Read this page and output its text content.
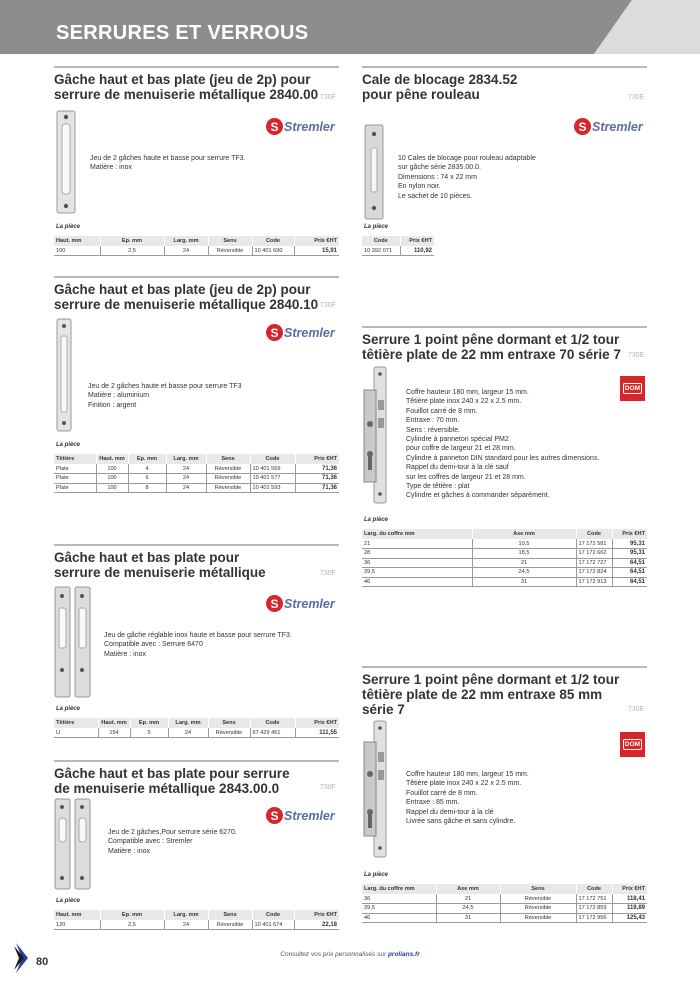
SERRURES ET VERROUS
Gâche haut et bas plate (jeu de 2p) pour
serrure de menuiserie métallique 2840.00 730F
S Stremler
Jeu de 2 gâches haute et basse pour serrure TF3.
Matière : inox
La pièce
Haut. mm	Ep. mm	Larg. mm	Sens	Code	Prix €HT
100	2,5	24	Réversible	10 401 690	15,91
Gâche haut et bas plate (jeu de 2p) pour
serrure de menuiserie métallique 2840.10 730F
S Stremler
Jeu de 2 gâches haute et basse pour serrure TF3
Matière : aluminium
Finition : argent
La pièce
Têtière	Haut. mm	Ep. mm	Larg. mm	Sens	Code	Prix €HT
Plate	100	4	24	Réversible	10 401 569	71,36
Plate	100	6	24	Réversible	10 401 577	71,36
Plate	100	8	24	Réversible	10 401 593	71,36
Gâche haut et bas plate pour
serrure de menuiserie métallique	730F
S Stremler
Jeu de gâche réglable inox haute et basse pour serrure TF3.
Compatible avec : Serrure 6470
Matière : inox
La pièce
Têtière	Haut. mm	Ep. mm	Larg. mm	Sens	Code	Prix €HT
U	154	5	24	Réversible	67 429 451	111,55
Gâche haut et bas plate pour serrure
de menuiserie métallique 2843.00.0	730F
S Stremler
Jeu de 2 gâches,Pour serrure série 6270.
Compatible avec : Stremler
Matière : inox
La pièce
Haut. mm	Ep. mm	Larg. mm	Sens	Code	Prix €HT
120	2,5	24	Réversible	10 401 674	22,18
Cale de blocage 2834.52
pour pêne rouleau	730E
S Stremler
10 Cales de blocage pour rouleau adaptable
sur gâche série 2835.00.0.
Dimensions : 74 x 22 mm
En nylon noir.
Le sachet de 10 pièces.
La pièce
Code	Prix €HT
10 392 071	110,92
Serrure 1 point pêne dormant et 1/2 tour
têtière plate de 22 mm entraxe 70 série 7 730E
DOM
Coffre hauteur 180 mm, largeur 15 mm.
Têtière plate inox 240 x 22 x 2.5 mm.
Fouillot carré de 8 mm.
Entraxe : 70 mm.
Sens : réversible.
Cylindre à panneton spécial PM2
pour coffre de largeur 21 et 28 mm.
Cylindre à panneton DIN standard pour les autres dimensions.
Rappel du demi-tour à la clé sauf
sur les coffres de largeur 21 et 28 mm.
Type de têtière : plat
Cylindre et gâches à commander séparément.
La pièce
Larg. du coffre mm	Axe mm	Code	Prix €HT
21	10,5	17 172 581	95,31
28	18,5	17 172 662	95,31
36	21	17 172 727	64,51
39,5	24,5	17 172 824	64,51
46	31	17 172 913	64,51
Serrure 1 point pêne dormant et 1/2 tour
têtière plate de 22 mm entraxe 85 mm
série 7	730E
DOM
Coffre hauteur 180 mm, largeur 15 mm.
Têtière plate inox 240 x 22 x 2.5 mm.
Fouillot carré de 8 mm.
Entraxe : 85 mm.
Rappel du demi-tour à la clé
Livrée sans gâche et sans cylindre.
La pièce
Larg. du coffre mm	Axe mm	Sens	Code	Prix €HT
36	21	Réversible	17 172 751	118,41
39,5	24,5	Réversible	17 172 859	119,89
46	31	Réversible	17 172 956	125,43
80
Consultez vos prix personnalisés sur prolians.fr
